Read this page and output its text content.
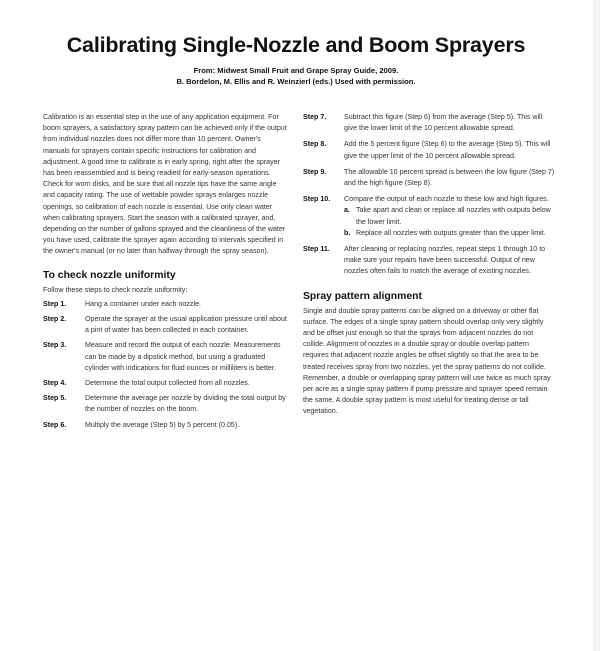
Calibrating Single-Nozzle and Boom Sprayers
From: Midwest Small Fruit and Grape Spray Guide, 2009.
B. Bordelon, M. Ellis and R. Weinzierl (eds.) Used with permission.

Calibration is an essential step in the use of any application equipment. For boom sprayers, a satisfactory spray pattern can be achieved only if the output from individual nozzles does not differ more than 10 percent. Owner's manuals for sprayers contain specific instructions for calibration and adjustment. A good time to calibrate is in early spring, right after the sprayer has been reassembled and is being readied for early-season operations. Check for worn disks, and be sure that all nozzle tips have the same angle and capacity rating. The use of wettable powder sprays enlarges nozzle openings, so calibration of each nozzle is essential. Use only clean water when calibrating sprayers. Start the season with a calibrated sprayer, and, depending on the number of gallons sprayed and the cleanliness of the water you have used, calibrate the sprayer again according to intervals specified in the owner's manual (or no later than halfway through the spray season).

To check nozzle uniformity

Follow these steps to check nozzle uniformity:

Step 1.	Hang a container under each nozzle.
Step 2.	Operate the sprayer at the usual application pressure until about a pint of water has been collected in each container.
Step 3.	Measure and record the output of each nozzle. Measurements can be made by a dipstick method, but using a graduated cylinder with indications for fluid ounces or milliliters is better.
Step 4.	Determine the total output collected from all nozzles.
Step 5.	Determine the average per nozzle by dividing the total output by the number of nozzles on the boom.
Step 6.	Multiply the average (Step 5) by 5 percent (0.05).
Step 7.	Subtract this figure (Step 6) from the average (Step 5). This will give the lower limit of the 10 percent allowable spread.
Step 8.	Add the 5 percent figure (Step 6) to the average (Step 5). This will give the upper limit of the 10 percent allowable spread.
Step 9.	The allowable 10 percent spread is between the low figure (Step 7) and the high figure (Step 8).
Step 10.	Compare the output of each nozzle to these low and high figures.
a. Take apart and clean or replace all nozzles with outputs below the lower limit.
b. Replace all nozzles with outputs greater than the upper limit.
Step 11.	After cleaning or replacing nozzles, repeat steps 1 through 10 to make sure your repairs have been successful. Output of new nozzles often fails to match the average of existing nozzles.
Spray pattern alignment

Single and double spray patterns can be aligned on a driveway or other flat surface. The edges of a single spray pattern should overlap only very slightly and be offset just enough so that the sprays from adjacent nozzles do not collide. Alignment of nozzles in a double spray or double overlap pattern requires that adjacent nozzle angles be offset slightly so that the area to be treated receives spray from two nozzles, yet the spray patterns do not collide. Remember, a double or overlapping spray pattern will use twice as much spray per acre as a single spray pattern if pump pressure and sprayer speed remain the same. A double spray pattern is most useful for treating dense or tall vegetation.
